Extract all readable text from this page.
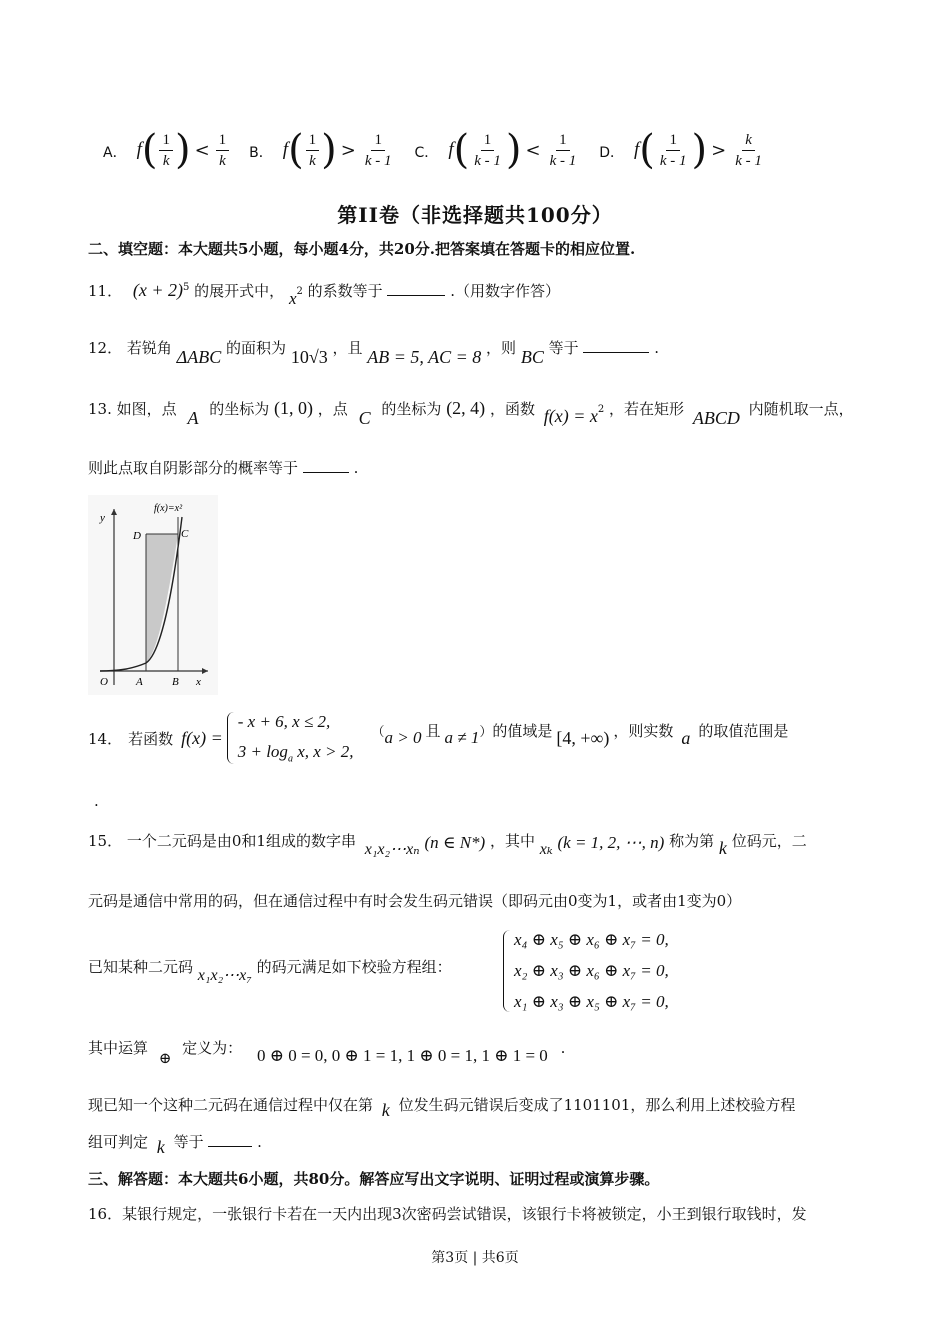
A． f ( $\frac{1}{k}$ ) < $\frac{1}{k}$ B． f ( $\frac{1}{k}$ ) > $\frac{1}{k - 1}$ C． f ( $\frac{1}{k - 1}$ ) < $\frac{1}{k - 1}$ D． f ( $\frac{1}{k - 1}$ ) > $\frac{k}{k - 1}$
第II卷（非选择题共100分）
二、填空题：本大题共5小题，每小题4分，共20分.把答案填在答题卡的相应位置.
11． $(x + 2)^5$ 的展开式中， $x^2$ 的系数等于	.（用数字作答）
12． 若锐角 ΔABC 的面积为 10√3 ，且 AB = 5, AC = 8 ，则 BC 等于	.
13. 如图，点 A 的坐标为 (1, 0) ，点 C 的坐标为 (2, 4) ，函数 $f(x) = x^2$ ，若在矩形 ABCD 内随机取一点，
则此点取自阴影部分的概率等于	.
f(x)=x²
y
x
O	A	B
C
D
14． 若函数 f(x) =
- x + 6, x ≤ 2,
$3 + \log_a x$, x > 2,
（ a > 0 且 a ≠ 1 ） 的值域是 [4, +∞) ，则实数 a 的取值范围是
.
15． 一个二元码是由0和1组成的数字串 x₁x₂⋯xₙ (n ∈ N*) ，其中 xₖ (k = 1, 2, ⋯, n) 称为第 k 位码元，二
元码是通信中常用的码，但在通信过程中有时会发生码元错误（即码元由0变为1，或者由1变为0）
已知某种二元码 x₁x₂⋯x₇ 的码元满足如下校验方程组：
x₄ ⊕ x₅ ⊕ x₆ ⊕ x₇ = 0,
x₂ ⊕ x₃ ⊕ x₆ ⊕ x₇ = 0,
x₁ ⊕ x₃ ⊕ x₅ ⊕ x₇ = 0,
其中运算 ⊕ 定义为： 0 ⊕ 0 = 0, 0 ⊕ 1 = 1, 1 ⊕ 0 = 1, 1 ⊕ 1 = 0 .
现已知一个这种二元码在通信过程中仅在第 k 位发生码元错误后变成了1101101，那么利用上述校验方程
组可判定 k 等于	.
三、解答题：本大题共6小题，共80分。解答应写出文字说明、证明过程或演算步骤。
16．某银行规定，一张银行卡若在一天内出现3次密码尝试错误，该银行卡将被锁定，小王到银行取钱时，发
第3页 | 共6页
